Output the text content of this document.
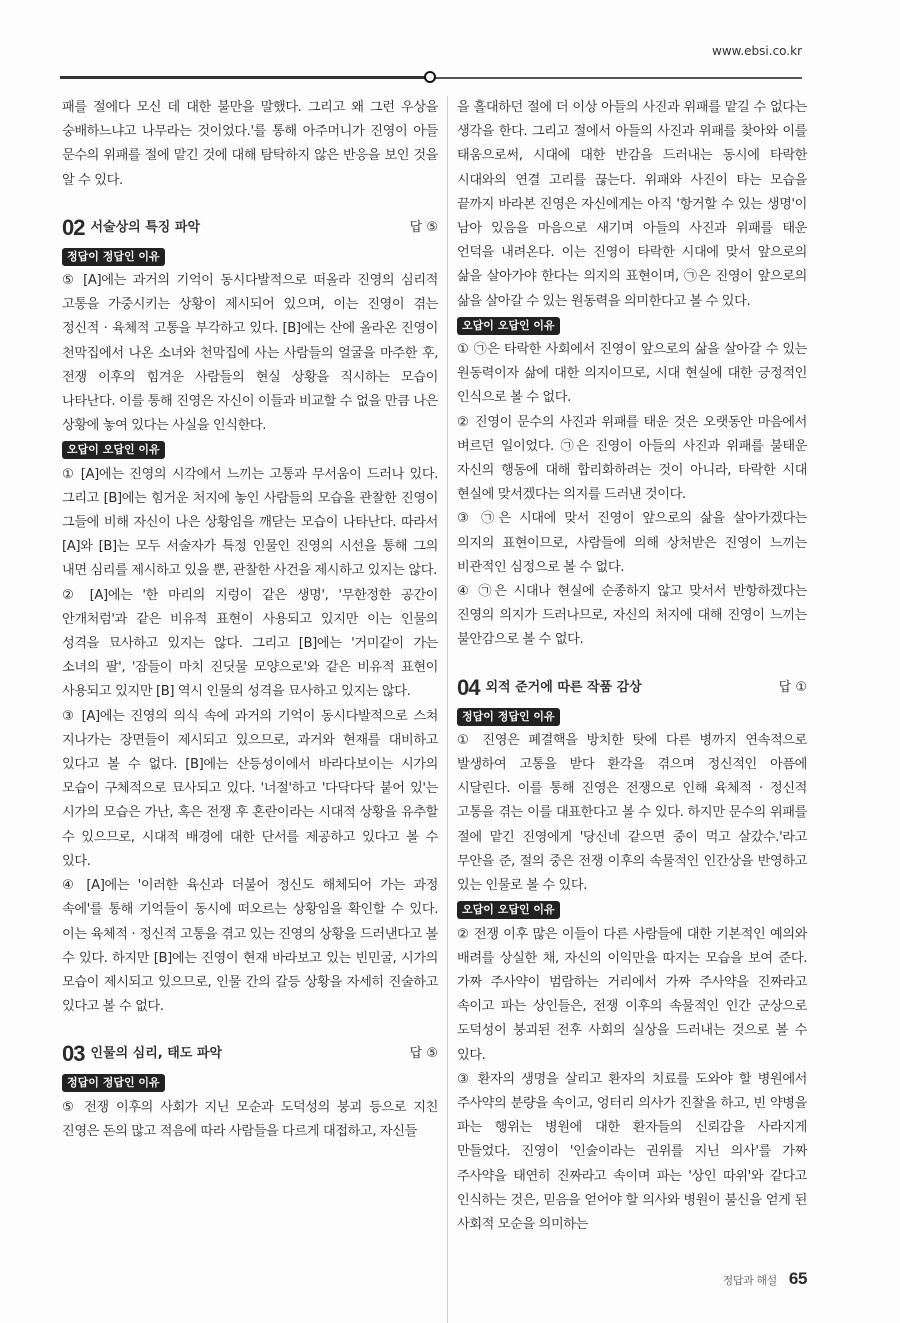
www.ebsi.co.kr

패를 절에다 모신 데 대한 불만을 말했다. 그리고 왜 그런 우상을 숭배하느냐고 나무라는 것이었다.'를 통해 아주머니가 진영이 아들 문수의 위패를 절에 맡긴 것에 대해 탐탁하지 않은 반응을 보인 것을 알 수 있다.

02 서술상의 특징 파악	답 ⑤
정답이 정답인 이유

⑤ [A]에는 과거의 기억이 동시다발적으로 떠올라 진영의 심리적 고통을 가중시키는 상황이 제시되어 있으며, 이는 진영이 겪는 정신적 · 육체적 고통을 부각하고 있다. [B]에는 산에 올라온 진영이 천막집에서 나온 소녀와 천막집에 사는 사람들의 얼굴을 마주한 후, 전쟁 이후의 힘겨운 사람들의 현실 상황을 직시하는 모습이 나타난다. 이를 통해 진영은 자신이 이들과 비교할 수 없을 만큼 나은 상황에 놓여 있다는 사실을 인식한다.

오답이 오답인 이유

① [A]에는 진영의 시각에서 느끼는 고통과 무서움이 드러나 있다. 그리고 [B]에는 힘거운 처지에 놓인 사람들의 모습을 관찰한 진영이 그들에 비해 자신이 나은 상황임을 깨닫는 모습이 나타난다. 따라서 [A]와 [B]는 모두 서술자가 특정 인물인 진영의 시선을 통해 그의 내면 심리를 제시하고 있을 뿐, 관찰한 사건을 제시하고 있지는 않다.

② [A]에는 '한 마리의 지렁이 같은 생명', '무한정한 공간이 안개처럼'과 같은 비유적 표현이 사용되고 있지만 이는 인물의 성격을 묘사하고 있지는 않다. 그리고 [B]에는 '거미같이 가는 소녀의 팔', '잠들이 마치 진딧물 모양으로'와 같은 비유적 표현이 사용되고 있지만 [B] 역시 인물의 성격을 묘사하고 있지는 않다.

③ [A]에는 진영의 의식 속에 과거의 기억이 동시다발적으로 스쳐 지나가는 장면들이 제시되고 있으므로, 과거와 현재를 대비하고 있다고 볼 수 없다. [B]에는 산등성이에서 바라다보이는 시가의 모습이 구체적으로 묘사되고 있다. '너절'하고 '다닥다닥 붙어 있'는 시가의 모습은 가난, 혹은 전쟁 후 혼란이라는 시대적 상황을 유추할 수 있으므로, 시대적 배경에 대한 단서를 제공하고 있다고 볼 수 있다.

④ [A]에는 '이러한 육신과 더불어 정신도 해체되어 가는 과정 속에'를 통해 기억들이 동시에 떠오르는 상황임을 확인할 수 있다. 이는 육체적 · 정신적 고통을 겪고 있는 진영의 상황을 드러낸다고 볼 수 있다. 하지만 [B]에는 진영이 현재 바라보고 있는 빈민굴, 시가의 모습이 제시되고 있으므로, 인물 간의 갈등 상황을 자세히 진술하고 있다고 볼 수 없다.

03 인물의 심리, 태도 파악	답 ⑤
정답이 정답인 이유

⑤ 전쟁 이후의 사회가 지닌 모순과 도덕성의 붕괴 등으로 지친 진영은 돈의 많고 적음에 따라 사람들을 다르게 대접하고, 자신들

을 홀대하던 절에 더 이상 아들의 사진과 위패를 맡길 수 없다는 생각을 한다. 그리고 절에서 아들의 사진과 위패를 찾아와 이를 태움으로써, 시대에 대한 반감을 드러내는 동시에 타락한 시대와의 연결 고리를 끊는다. 위패와 사진이 타는 모습을 끝까지 바라본 진영은 자신에게는 아직 '항거할 수 있는 생명'이 남아 있음을 마음으로 새기며 아들의 사진과 위패를 태운 언덕을 내려온다. 이는 진영이 타락한 시대에 맞서 앞으로의 삶을 살아가야 한다는 의지의 표현이며, ㉠은 진영이 앞으로의 삶을 살아갈 수 있는 원동력을 의미한다고 볼 수 있다.

오답이 오답인 이유

① ㉠은 타락한 사회에서 진영이 앞으로의 삶을 살아갈 수 있는 원동력이자 삶에 대한 의지이므로, 시대 현실에 대한 긍정적인 인식으로 볼 수 없다.

② 진영이 문수의 사진과 위패를 태운 것은 오랫동안 마음에서 벼르던 일이었다. ㉠은 진영이 아들의 사진과 위패를 불태운 자신의 행동에 대해 합리화하려는 것이 아니라, 타락한 시대 현실에 맞서겠다는 의지를 드러낸 것이다.

③ ㉠은 시대에 맞서 진영이 앞으로의 삶을 살아가겠다는 의지의 표현이므로, 사람들에 의해 상처받은 진영이 느끼는 비관적인 심정으로 볼 수 없다.

④ ㉠은 시대나 현실에 순종하지 않고 맞서서 반항하겠다는 진영의 의지가 드러나므로, 자신의 처지에 대해 진영이 느끼는 불안감으로 볼 수 없다.

04 외적 준거에 따른 작품 감상	답 ①
정답이 정답인 이유

① 진영은 폐결핵을 방치한 탓에 다른 병까지 연속적으로 발생하여 고통을 받다 환각을 겪으며 정신적인 아픔에 시달린다. 이를 통해 진영은 전쟁으로 인해 육체적 · 정신적 고통을 겪는 이를 대표한다고 볼 수 있다. 하지만 문수의 위패를 절에 맡긴 진영에게 '당신네 같으면 중이 먹고 살갔수.'라고 무안을 준, 절의 중은 전쟁 이후의 속물적인 인간상을 반영하고 있는 인물로 볼 수 있다.

오답이 오답인 이유

② 전쟁 이후 많은 이들이 다른 사람들에 대한 기본적인 예의와 배려를 상실한 채, 자신의 이익만을 따지는 모습을 보여 준다. 가짜 주사약이 범람하는 거리에서 가짜 주사약을 진짜라고 속이고 파는 상인들은, 전쟁 이후의 속물적인 인간 군상으로 도덕성이 붕괴된 전후 사회의 실상을 드러내는 것으로 볼 수 있다.

③ 환자의 생명을 살리고 환자의 치료를 도와야 할 병원에서 주사약의 분량을 속이고, 엉터리 의사가 진찰을 하고, 빈 약병을 파는 행위는 병원에 대한 환자들의 신뢰감을 사라지게 만들었다. 진영이 '인술이라는 권위를 지닌 의사'를 가짜 주사약을 태연히 진짜라고 속이며 파는 '상인 따위'와 같다고 인식하는 것은, 믿음을 얻어야 할 의사와 병원이 불신을 얻게 된 사회적 모순을 의미하는

정답과 해설 65
